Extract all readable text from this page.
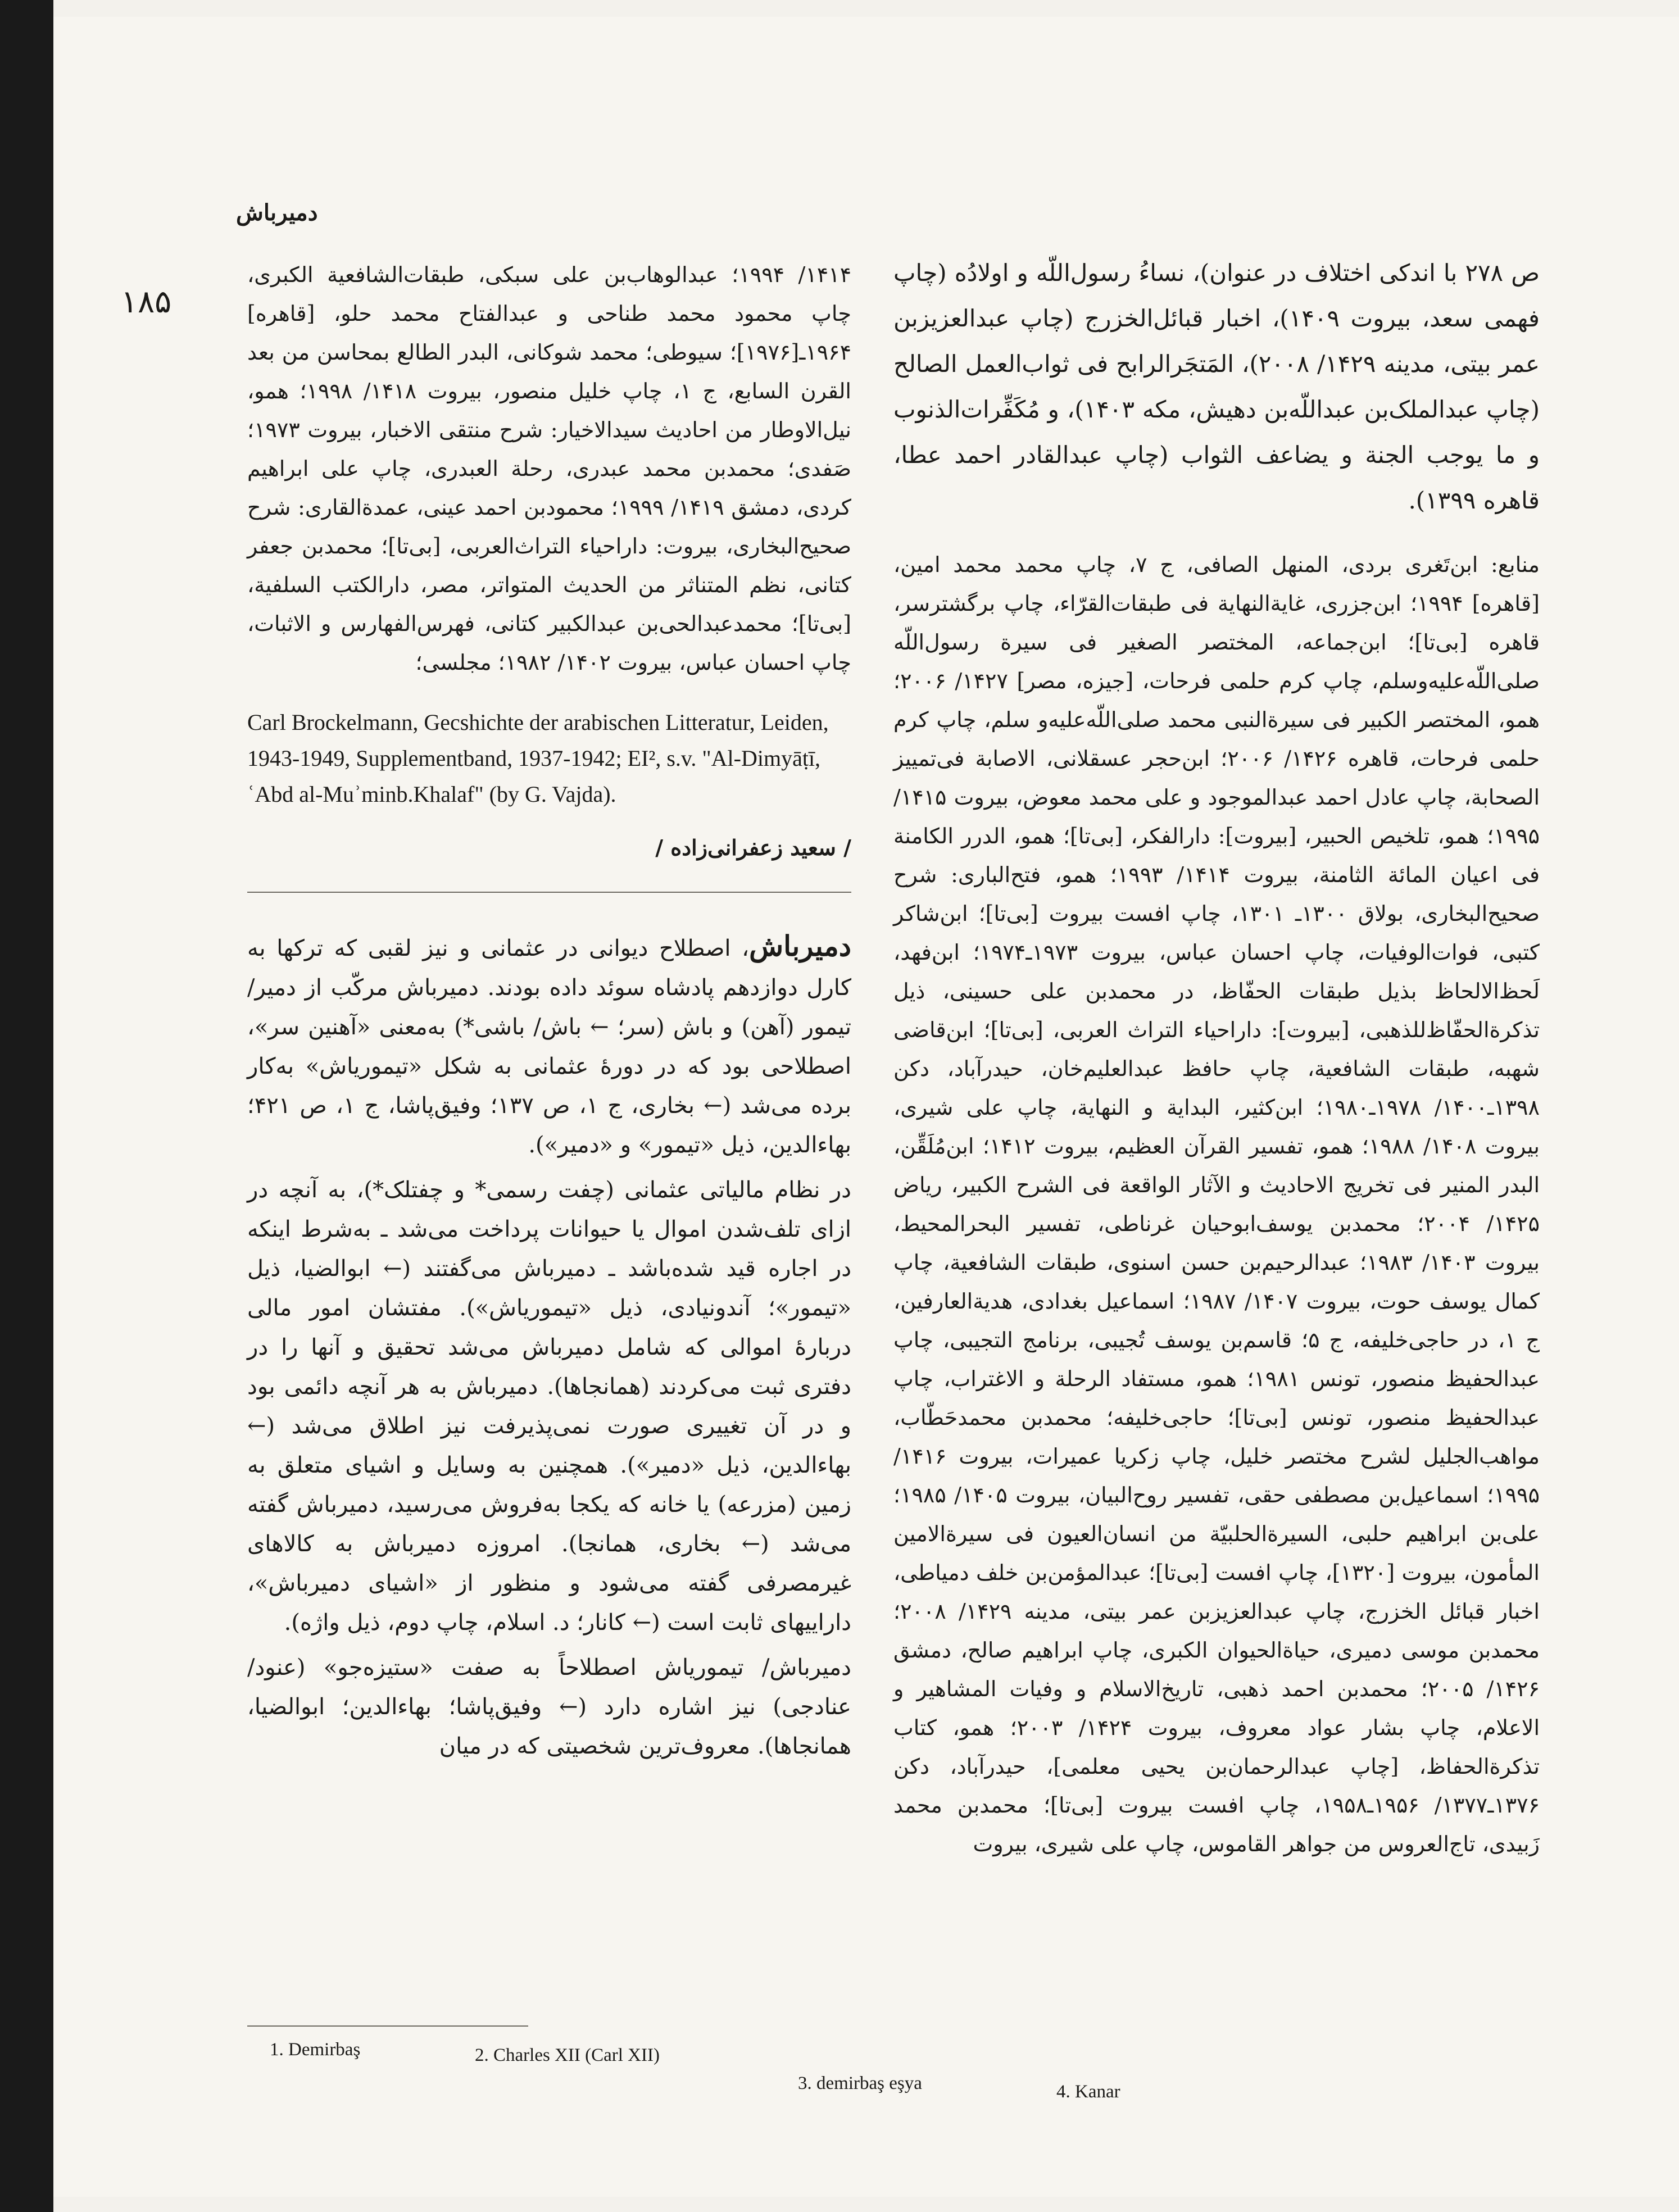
دمیرباش
۱۸۵

ص ۲۷۸ با اندکی اختلاف در عنوان)، نساءُ رسول‌اللّه و اولادُه (چاپ فهمی سعد، بیروت ۱۴۰۹)، اخبار قبائل‌الخزرج (چاپ عبدالعزیزبن عمر بیتی، مدینه ۱۴۲۹/ ۲۰۰۸)، المَتجَرالرابح فی ثواب‌العمل الصالح (چاپ عبدالملک‌بن عبداللّه‌بن دهیش، مکه ۱۴۰۳)، و مُکَفِّرات‌الذنوب و ما یوجب الجنة و یضاعف الثواب (چاپ عبدالقادر احمد عطا، قاهره ۱۳۹۹).

منابع: ابن‌تَغری بردی، المنهل الصافی، ج ۷، چاپ محمد محمد امین، [قاهره] ۱۹۹۴؛ ابن‌جزری، غایةالنهایة فی طبقات‌القرّاء، چاپ برگشترسر، قاهره [بی‌تا]؛ ابن‌جماعه، المختصر الصغیر فی سیرة رسول‌اللّه صلی‌اللّه‌علیه‌وسلم، چاپ کرم حلمی فرحات، [جیزه، مصر] ۱۴۲۷/ ۲۰۰۶؛ همو، المختصر الکبیر فی سیرةالنبی محمد صلی‌اللّه‌علیه‌و سلم، چاپ کرم حلمی فرحات، قاهره ۱۴۲۶/ ۲۰۰۶؛ ابن‌حجر عسقلانی، الاصابة فی‌تمییز الصحابة، چاپ عادل احمد عبدالموجود و علی محمد معوض، بیروت ۱۴۱۵/ ۱۹۹۵؛ همو، تلخیص الحبیر، [بیروت]: دارالفکر، [بی‌تا]؛ همو، الدرر الکامنة فی اعیان المائة الثامنة، بیروت ۱۴۱۴/ ۱۹۹۳؛ همو، فتح‌الباری: شرح صحیح‌البخاری، بولاق ۱۳۰۰ـ ۱۳۰۱، چاپ افست بیروت [بی‌تا]؛ ابن‌شاکر کتبی، فوات‌الوفیات، چاپ احسان عباس، بیروت ۱۹۷۳ـ۱۹۷۴؛ ابن‌فهد، لَحظ‌الالحاظ بذیل طبقات الحفّاظ، در محمدبن علی حسینی، ذیل تذکرةالحفّاظ‌للذهبی، [بیروت]: داراحیاء التراث العربی، [بی‌تا]؛ ابن‌قاضی شهبه، طبقات الشافعیة، چاپ حافظ عبدالعلیم‌خان، حیدرآباد، دکن ۱۳۹۸ـ۱۴۰۰/ ۱۹۷۸ـ۱۹۸۰؛ ابن‌کثیر، البدایة و النهایة، چاپ علی شیری، بیروت ۱۴۰۸/ ۱۹۸۸؛ همو، تفسیر القرآن العظیم، بیروت ۱۴۱۲؛ ابن‌مُلَقِّن، البدر المنیر فی تخریج الاحادیث و الآثار الواقعة فی الشرح الکبیر، ریاض ۱۴۲۵/ ۲۰۰۴؛ محمدبن یوسف‌ابوحیان غرناطی، تفسیر البحرالمحیط، بیروت ۱۴۰۳/ ۱۹۸۳؛ عبدالرحیم‌بن حسن اسنوی، طبقات الشافعیة، چاپ کمال یوسف حوت، بیروت ۱۴۰۷/ ۱۹۸۷؛ اسماعیل بغدادی، هدیةالعارفین، ج ۱، در حاجی‌خلیفه، ج ۵؛ قاسم‌بن یوسف تُجیبی، برنامج التجیبی، چاپ عبدالحفیظ منصور، تونس ۱۹۸۱؛ همو، مستفاد الرحلة و الاغتراب، چاپ عبدالحفیظ منصور، تونس [بی‌تا]؛ حاجی‌خلیفه؛ محمدبن محمدحَطّاب، مواهب‌الجلیل لشرح مختصر خلیل، چاپ زکریا عمیرات، بیروت ۱۴۱۶/ ۱۹۹۵؛ اسماعیل‌بن مصطفی حقی، تفسیر روح‌البیان، بیروت ۱۴۰۵/ ۱۹۸۵؛ علی‌بن ابراهیم حلبی، السیرةالحلبیّة من انسان‌العیون فی سیرةالامین المأمون، بیروت [۱۳۲۰]، چاپ افست [بی‌تا]؛ عبدالمؤمن‌بن خلف دمیاطی، اخبار قبائل الخزرج، چاپ عبدالعزیزبن عمر بیتی، مدینه ۱۴۲۹/ ۲۰۰۸؛ محمدبن موسی دمیری، حیاةالحیوان الکبری، چاپ ابراهیم صالح، دمشق ۱۴۲۶/ ۲۰۰۵؛ محمدبن احمد ذهبی، تاریخ‌الاسلام و وفیات المشاهیر و الاعلام، چاپ بشار عواد معروف، بیروت ۱۴۲۴/ ۲۰۰۳؛ همو، کتاب تذکرةالحفاظ، [چاپ عبدالرحمان‌بن یحیی معلمی]، حیدرآباد، دکن ۱۳۷۶ـ۱۳۷۷/ ۱۹۵۶ـ۱۹۵۸، چاپ افست بیروت [بی‌تا]؛ محمدبن محمد زَبیدی، تاج‌العروس من جواهر القاموس، چاپ علی شیری، بیروت

۱۴۱۴/ ۱۹۹۴؛ عبدالوهاب‌بن علی سبکی، طبقات‌الشافعیة الکبری، چاپ محمود محمد طناحی و عبدالفتاح محمد حلو، [قاهره] ۱۹۶۴ـ[۱۹۷۶]؛ سیوطی؛ محمد شوکانی، البدر الطالع بمحاسن من بعد القرن السابع، ج ۱، چاپ خلیل منصور، بیروت ۱۴۱۸/ ۱۹۹۸؛ همو، نیل‌الاوطار من احادیث سیدالاخیار: شرح منتقی الاخبار، بیروت ۱۹۷۳؛ صَفدی؛ محمدبن محمد عبدری، رحلة العبدری، چاپ علی ابراهیم کردی، دمشق ۱۴۱۹/ ۱۹۹۹؛ محمودبن احمد عینی، عمدة‌القاری: شرح صحیح‌البخاری، بیروت: داراحیاء التراث‌العربی، [بی‌تا]؛ محمدبن جعفر کتانی، نظم المتناثر من الحدیث المتواتر، مصر، دارالکتب السلفیة، [بی‌تا]؛ محمدعبدالحی‌بن عبدالکبیر کتانی، فهرس‌الفهارس و الاثبات، چاپ احسان عباس، بیروت ۱۴۰۲/ ۱۹۸۲؛ مجلسی؛

Carl Brockelmann, Gecshichte der arabischen Litteratur, Leiden, 1943-1949, Supplementband, 1937-1942; EI², s.v. "Al-Dimyāṭī, ʿAbd al-Muʾminb.Khalaf" (by G. Vajda).

/ سعید زعفرانی‌زاده /

دمیرباش، اصطلاح دیوانی در عثمانی و نیز لقبی که ترکها به کارل دوازدهم پادشاه سوئد داده بودند. دمیرباش مرکّب از دمیر/ تیمور (آهن) و باش (سر؛ ← باش/ باشی*) به‌معنی «آهنین سر»، اصطلاحی بود که در دورهٔ عثمانی به شکل «تیموریاش» به‌کار برده می‌شد (← بخاری، ج ۱، ص ۱۳۷؛ وفیق‌پاشا، ج ۱، ص ۴۲۱؛ بهاءالدین، ذیل «تیمور» و «دمیر»).

در نظام مالیاتی عثمانی (چفت رسمی* و چفتلک*)، به آنچه در ازای تلف‌شدن اموال یا حیوانات پرداخت می‌شد ـ به‌شرط اینکه در اجاره قید شده‌باشد ـ دمیرباش می‌گفتند (← ابوالضیا، ذیل «تیمور»؛ آندونیادی، ذیل «تیموریاش»). مفتشان امور مالی دربارهٔ اموالی که شامل دمیرباش می‌شد تحقیق و آنها را در دفتری ثبت می‌کردند (همانجاها). دمیرباش به هر آنچه دائمی بود و در آن تغییری صورت نمی‌پذیرفت نیز اطلاق می‌شد (← بهاءالدین، ذیل «دمیر»). همچنین به وسایل و اشیای متعلق به زمین (مزرعه) یا خانه که یکجا به‌فروش می‌رسید، دمیرباش گفته می‌شد (← بخاری، همانجا). امروزه دمیرباش به کالاهای غیرمصرفی گفته می‌شود و منظور از «اشیای دمیرباش»، داراییهای ثابت است (← کانار؛ د. اسلام، چاپ دوم، ذیل واژه).

دمیرباش/ تیموریاش اصطلاحاً به صفت «ستیزه‌جو» (عنود/ عنادجی) نیز اشاره دارد (← وفیق‌پاشا؛ بهاءالدین؛ ابوالضیا، همانجاها). معروف‌ترین شخصیتی که در میان

1. Demirbaş	2. Charles XII (Carl XII)
3. demirbaş eşya	4. Kanar
